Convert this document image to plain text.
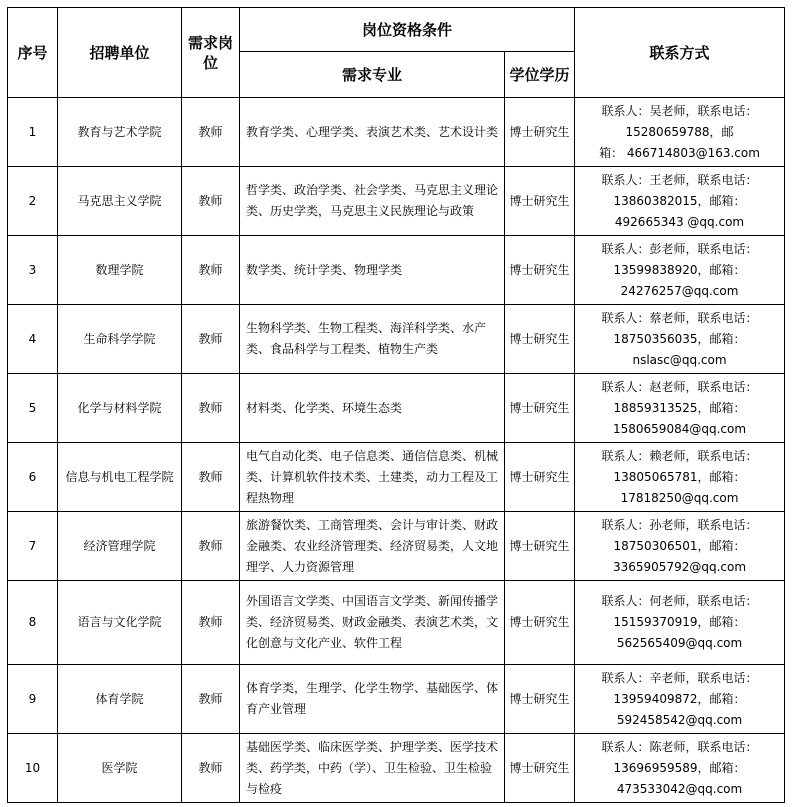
序号	招聘单位	需求岗位	岗位资格条件		联系方式
			需求专业	学位学历	
1	教育与艺术学院	教师	教育学类、心理学类、表演艺术类、艺术设计类	博士研究生	联系人：吴老师，联系电话：
15280659788，邮
箱： 466714803@163.com

2	马克思主义学院	教师	哲学类、政治学类、社会学类、马克思主义理论类、历史学类，马克思主义民族理论与政策	博士研究生	联系人：王老师，联系电话：
13860382015，邮箱：
492665343 @qq.com

3	数理学院	教师	数学类、统计学类、物理学类	博士研究生	联系人：彭老师，联系电话：
13599838920，邮箱：
24276257@qq.com

4	生命科学学院	教师	生物科学类、生物工程类、海洋科学类、水产类、食品科学与工程类、植物生产类	博士研究生	联系人：蔡老师，联系电话：
18750356035，邮箱：
nslasc@qq.com

5	化学与材料学院	教师	材料类、化学类、环境生态类	博士研究生	联系人：赵老师，联系电话：
18859313525，邮箱：
1580659084@qq.com

6	信息与机电工程学院	教师	电气自动化类、电子信息类、通信信息类、机械类、计算机软件技术类、土建类，动力工程及工程热物理	博士研究生	联系人：赖老师，联系电话：
13805065781，邮箱：
17818250@qq.com

7	经济管理学院	教师	旅游餐饮类、工商管理类、会计与审计类、财政金融类、农业经济管理类、经济贸易类，人文地理学、人力资源管理	博士研究生	联系人：孙老师，联系电话：
18750306501，邮箱：
3365905792@qq.com

8	语言与文化学院	教师	外国语言文学类、中国语言文学类、新闻传播学类、经济贸易类、财政金融类、表演艺术类，文化创意与文化产业、软件工程	博士研究生	联系人：何老师，联系电话：
15159370919，邮箱：
562565409@qq.com

9	体育学院	教师	体育学类，生理学、化学生物学、基础医学、体育产业管理	博士研究生	联系人：辛老师，联系电话：
13959409872，邮箱：
592458542@qq.com

10	医学院	教师	基础医学类、临床医学类、护理学类、医学技术类、药学类，中药（学）、卫生检验、卫生检验与检疫	博士研究生	联系人：陈老师，联系电话：
13696959589，邮箱：
473533042@qq.com
